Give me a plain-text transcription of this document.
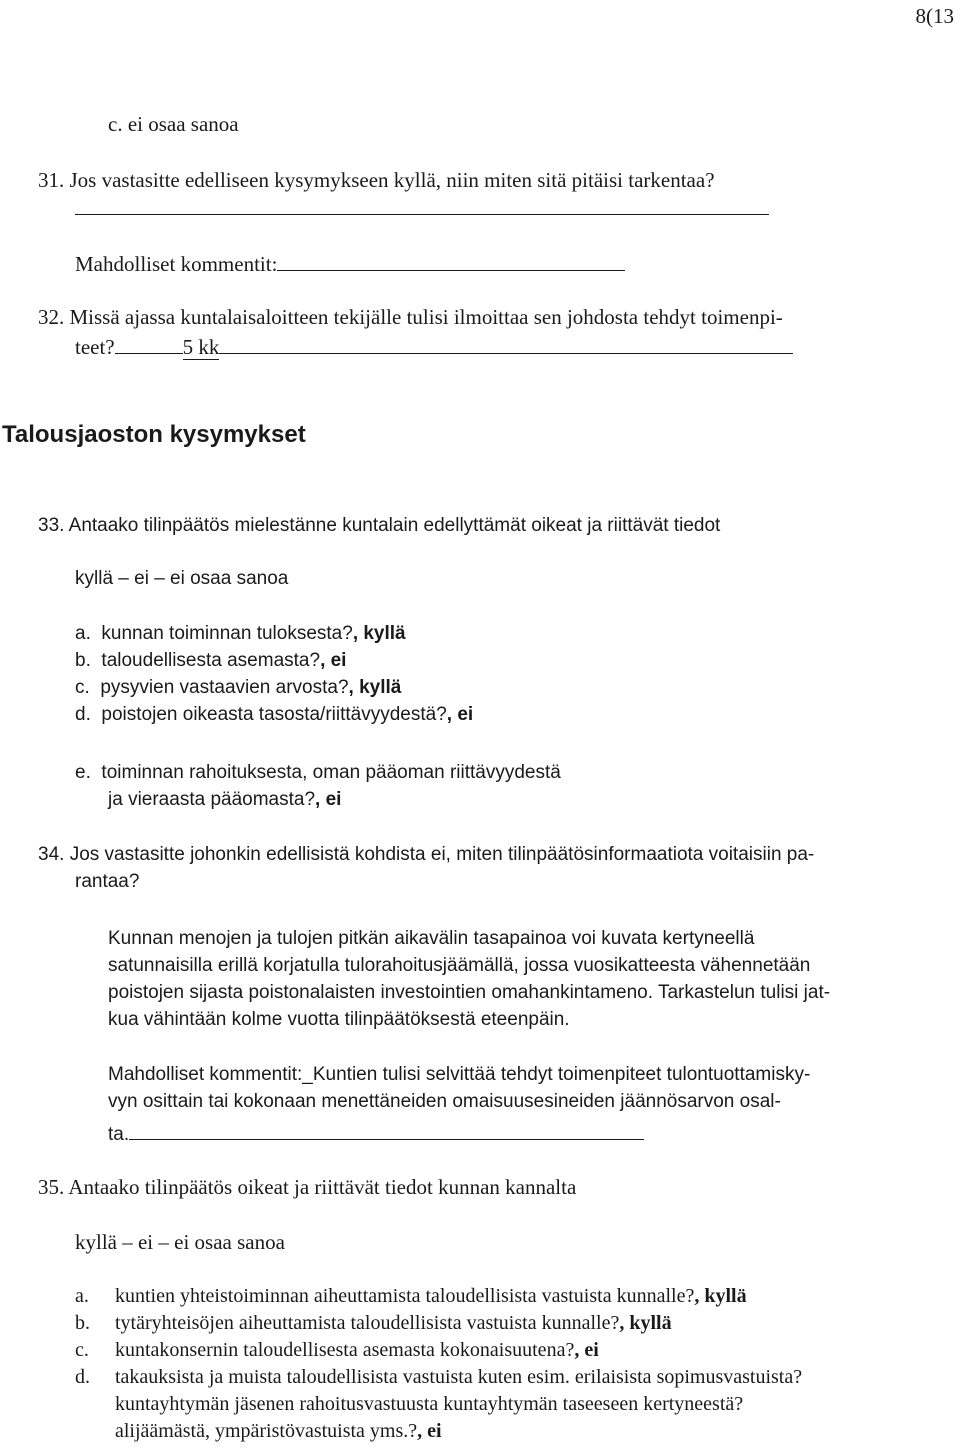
8(13
c. ei osaa sanoa
31. Jos vastasitte edelliseen kysymykseen kyllä, niin miten sitä pitäisi tarkentaa?
Mahdolliset kommentit:
32. Missä ajassa kuntalaisaloitteen tekijälle tulisi ilmoittaa sen johdosta tehdyt toimenpi-
teet?	5 kk
Talousjaoston kysymykset
33. Antaako tilinpäätös mielestänne kuntalain edellyttämät oikeat ja riittävät tiedot
kyllä – ei – ei osaa sanoa
a. kunnan toiminnan tuloksesta?, kyllä
b. taloudellisesta asemasta?, ei
c. pysyvien vastaavien arvosta?, kyllä
d. poistojen oikeasta tasosta/riittävyydestä?, ei
e. toiminnan rahoituksesta, oman pääoman riittävyydestä
ja vieraasta pääomasta?, ei
34. Jos vastasitte johonkin edellisistä kohdista ei, miten tilinpäätösinformaatiota voitaisiin pa-
rantaa?
Kunnan menojen ja tulojen pitkän aikavälin tasapainoa voi kuvata kertyneellä
satunnaisilla erillä korjatulla tulorahoitusjäämällä, jossa vuosikatteesta vähennetään
poistojen sijasta poistonalaisten investointien omahankintameno. Tarkastelun tulisi jat-
kua vähintään kolme vuotta tilinpäätöksestä eteenpäin.
Mahdolliset kommentit:_Kuntien tulisi selvittää tehdyt toimenpiteet tulontuottamisky-
vyn osittain tai kokonaan menettäneiden omaisuusesineiden jäännösarvon osal-
ta.
35. Antaako tilinpäätös oikeat ja riittävät tiedot kunnan kannalta
kyllä – ei – ei osaa sanoa
a. kuntien yhteistoiminnan aiheuttamista taloudellisista vastuista kunnalle?, kyllä
b. tytäryhteisöjen aiheuttamista taloudellisista vastuista kunnalle?, kyllä
c. kuntakonsernin taloudellisesta asemasta kokonaisuutena?, ei
d. takauksista ja muista taloudellisista vastuista kuten esim. erilaisista sopimusvastuista?
kuntayhtymän jäsenen rahoitusvastuusta kuntayhtymän taseeseen kertyneestä?
alijäämästä, ympäristövastuista yms.?, ei
